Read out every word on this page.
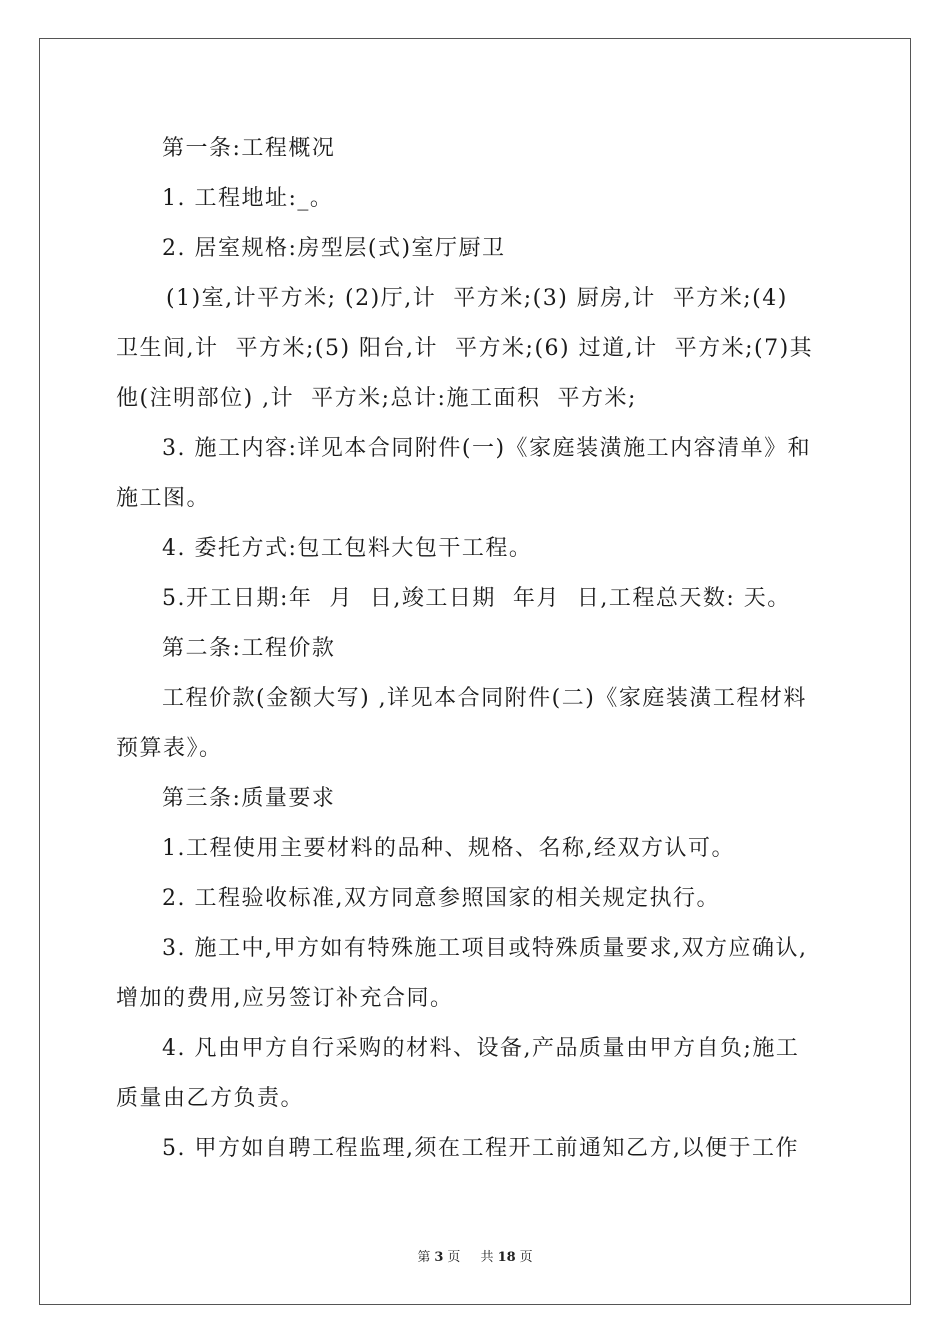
第一条:工程概况
1. 工程地址:_。
2. 居室规格:房型层(式)室厅厨卫
(1)室,计平方米; (2)厅,计  平方米;(3) 厨房,计  平方米;(4)
卫生间,计  平方米;(5) 阳台,计  平方米;(6) 过道,计  平方米;(7)其
他(注明部位) ,计  平方米;总计:施工面积  平方米;
3. 施工内容:详见本合同附件(一)《家庭装潢施工内容清单》和
施工图。
4. 委托方式:包工包料大包干工程。
5.开工日期:年  月  日,竣工日期  年月  日,工程总天数: 天。
第二条:工程价款
工程价款(金额大写) ,详见本合同附件(二)《家庭装潢工程材料
预算表》。
第三条:质量要求
1.工程使用主要材料的品种、规格、名称,经双方认可。
2. 工程验收标准,双方同意参照国家的相关规定执行。
3. 施工中,甲方如有特殊施工项目或特殊质量要求,双方应确认,
增加的费用,应另签订补充合同。
4. 凡由甲方自行采购的材料、设备,产品质量由甲方自负;施工
质量由乙方负责。
5. 甲方如自聘工程监理,须在工程开工前通知乙方,以便于工作
第 3 页 共 18 页
